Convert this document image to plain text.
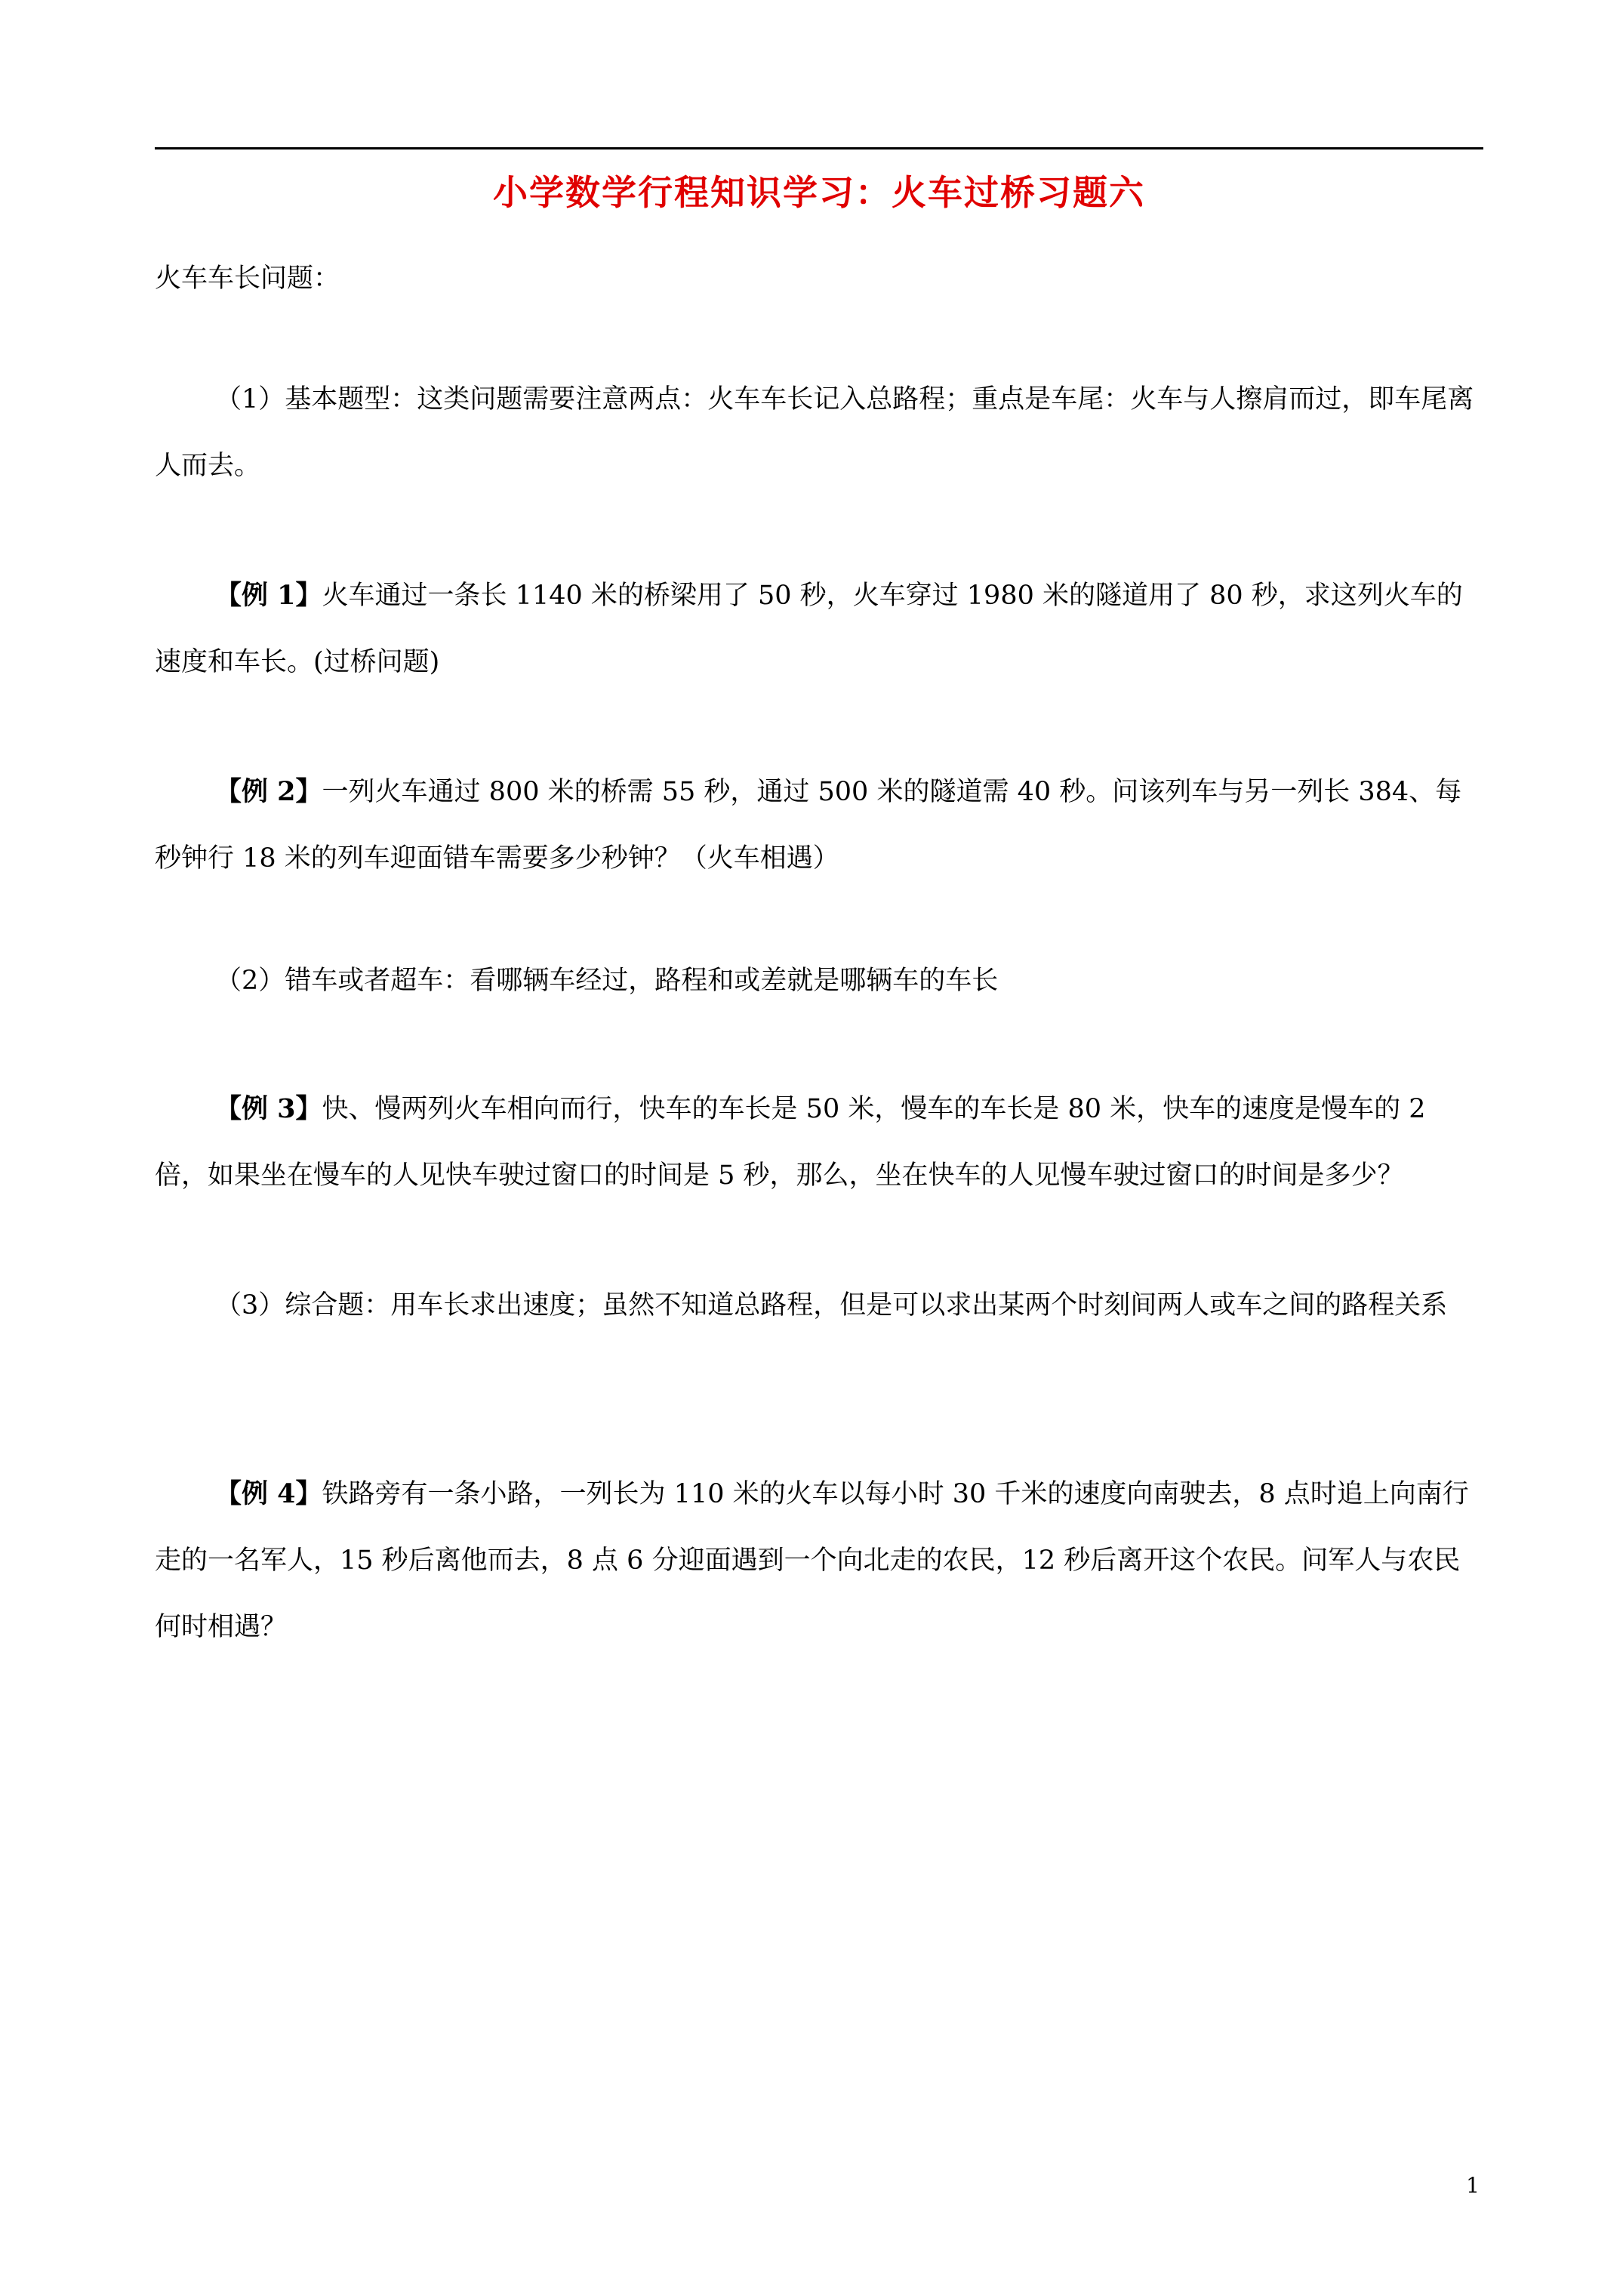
小学数学行程知识学习：火车过桥习题六

火车车长问题：

（1）基本题型：这类问题需要注意两点：火车车长记入总路程；重点是车尾：火车与人擦肩而过，即车尾离人而去。

【例 1】火车通过一条长 1140 米的桥梁用了 50 秒，火车穿过 1980 米的隧道用了 80 秒，求这列火车的速度和车长。(过桥问题)

【例 2】一列火车通过 800 米的桥需 55 秒，通过 500 米的隧道需 40 秒。问该列车与另一列长 384、每秒钟行 18 米的列车迎面错车需要多少秒钟？（火车相遇）

（2）错车或者超车：看哪辆车经过，路程和或差就是哪辆车的车长

【例 3】快、慢两列火车相向而行，快车的车长是 50 米，慢车的车长是 80 米，快车的速度是慢车的 2 倍，如果坐在慢车的人见快车驶过窗口的时间是 5 秒，那么，坐在快车的人见慢车驶过窗口的时间是多少？

（3）综合题：用车长求出速度；虽然不知道总路程，但是可以求出某两个时刻间两人或车之间的路程关系

【例 4】铁路旁有一条小路，一列长为 110 米的火车以每小时 30 千米的速度向南驶去，8 点时追上向南行走的一名军人，15 秒后离他而去，8 点 6 分迎面遇到一个向北走的农民，12 秒后离开这个农民。问军人与农民何时相遇？

1
